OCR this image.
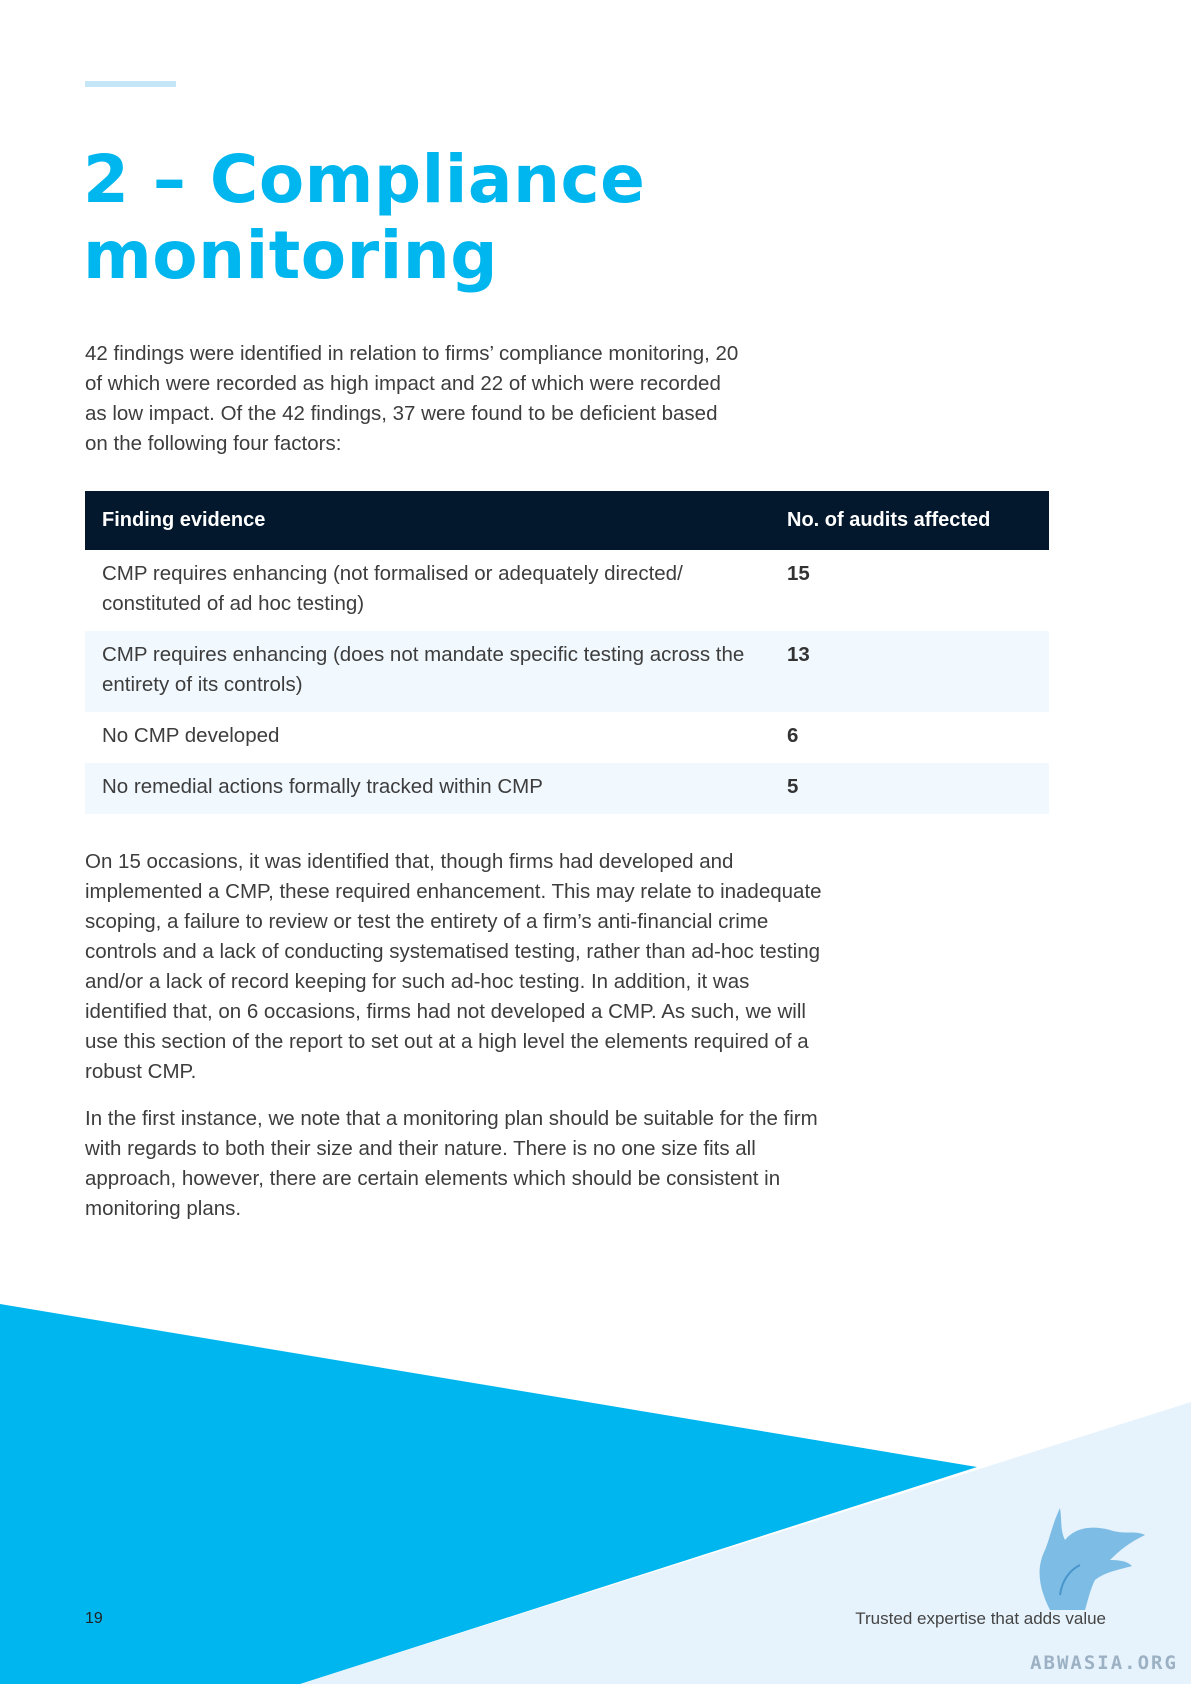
2 – Compliance
monitoring

42 findings were identified in relation to firms’ compliance monitoring, 20 of which were recorded as high impact and 22 of which were recorded as low impact. Of the 42 findings, 37 were found to be deficient based on the following four factors:

Finding evidence	No. of audits affected
CMP requires enhancing (not formalised or adequately directed/ constituted of ad hoc testing)	15
CMP requires enhancing (does not mandate specific testing across the entirety of its controls)	13
No CMP developed	6
No remedial actions formally tracked within CMP	5

On 15 occasions, it was identified that, though firms had developed and implemented a CMP, these required enhancement. This may relate to inadequate scoping, a failure to review or test the entirety of a firm’s anti-financial crime controls and a lack of conducting systematised testing, rather than ad-hoc testing and/or a lack of record keeping for such ad-hoc testing. In addition, it was identified that, on 6 occasions, firms had not developed a CMP. As such, we will use this section of the report to set out at a high level the elements required of a robust CMP.

In the first instance, we note that a monitoring plan should be suitable for the firm with regards to both their size and their nature. There is no one size fits all approach, however, there are certain elements which should be consistent in monitoring plans.

ABWASIA.ORG
19	Trusted expertise that adds value
